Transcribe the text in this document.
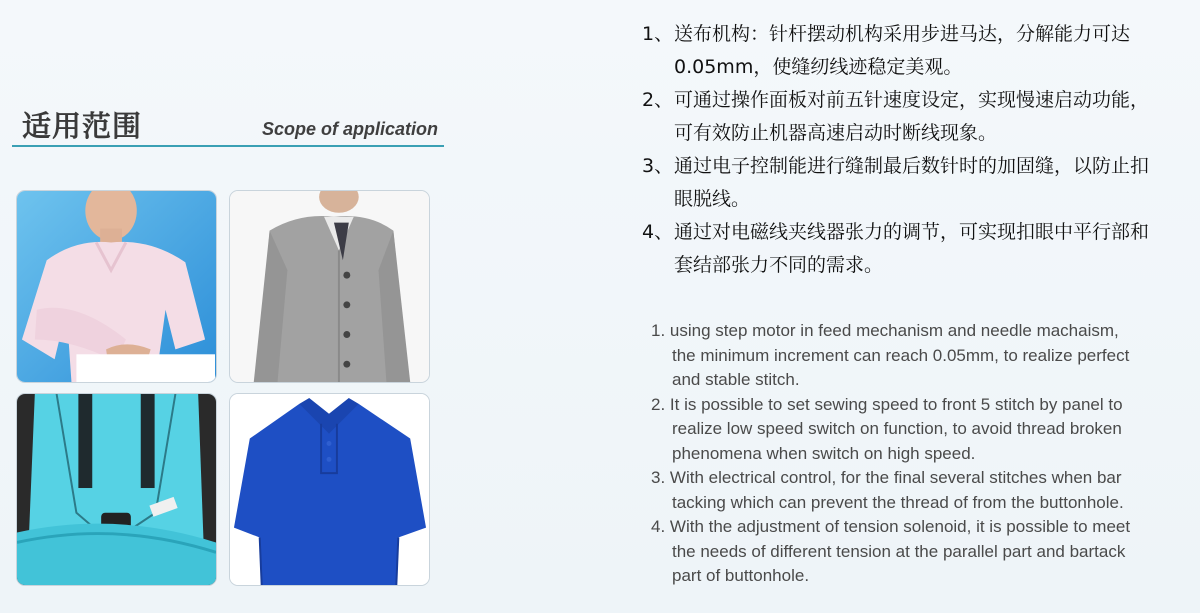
适用范围	Scope of application
1、送布机构：针杆摆动机构采用步进马达，分解能力可达
0.05mm，使缝纫线迹稳定美观。
2、可通过操作面板对前五针速度设定，实现慢速启动功能，
可有效防止机器高速启动时断线现象。
3、通过电子控制能进行缝制最后数针时的加固缝，以防止扣
眼脱线。
4、通过对电磁线夹线器张力的调节，可实现扣眼中平行部和
套结部张力不同的需求。
1. using step motor in feed mechanism and needle machaism,
the minimum increment can reach 0.05mm, to realize perfect
and stable stitch.
2. It is possible to set sewing speed to front 5 stitch by panel to
realize low speed switch on function, to avoid thread broken
phenomena when switch on high speed.
3. With electrical control, for the final several stitches when bar
tacking which can prevent the thread of from the buttonhole.
4. With the adjustment of tension solenoid, it is possible to meet
the needs of different tension at the parallel part and bartack
part of buttonhole.
